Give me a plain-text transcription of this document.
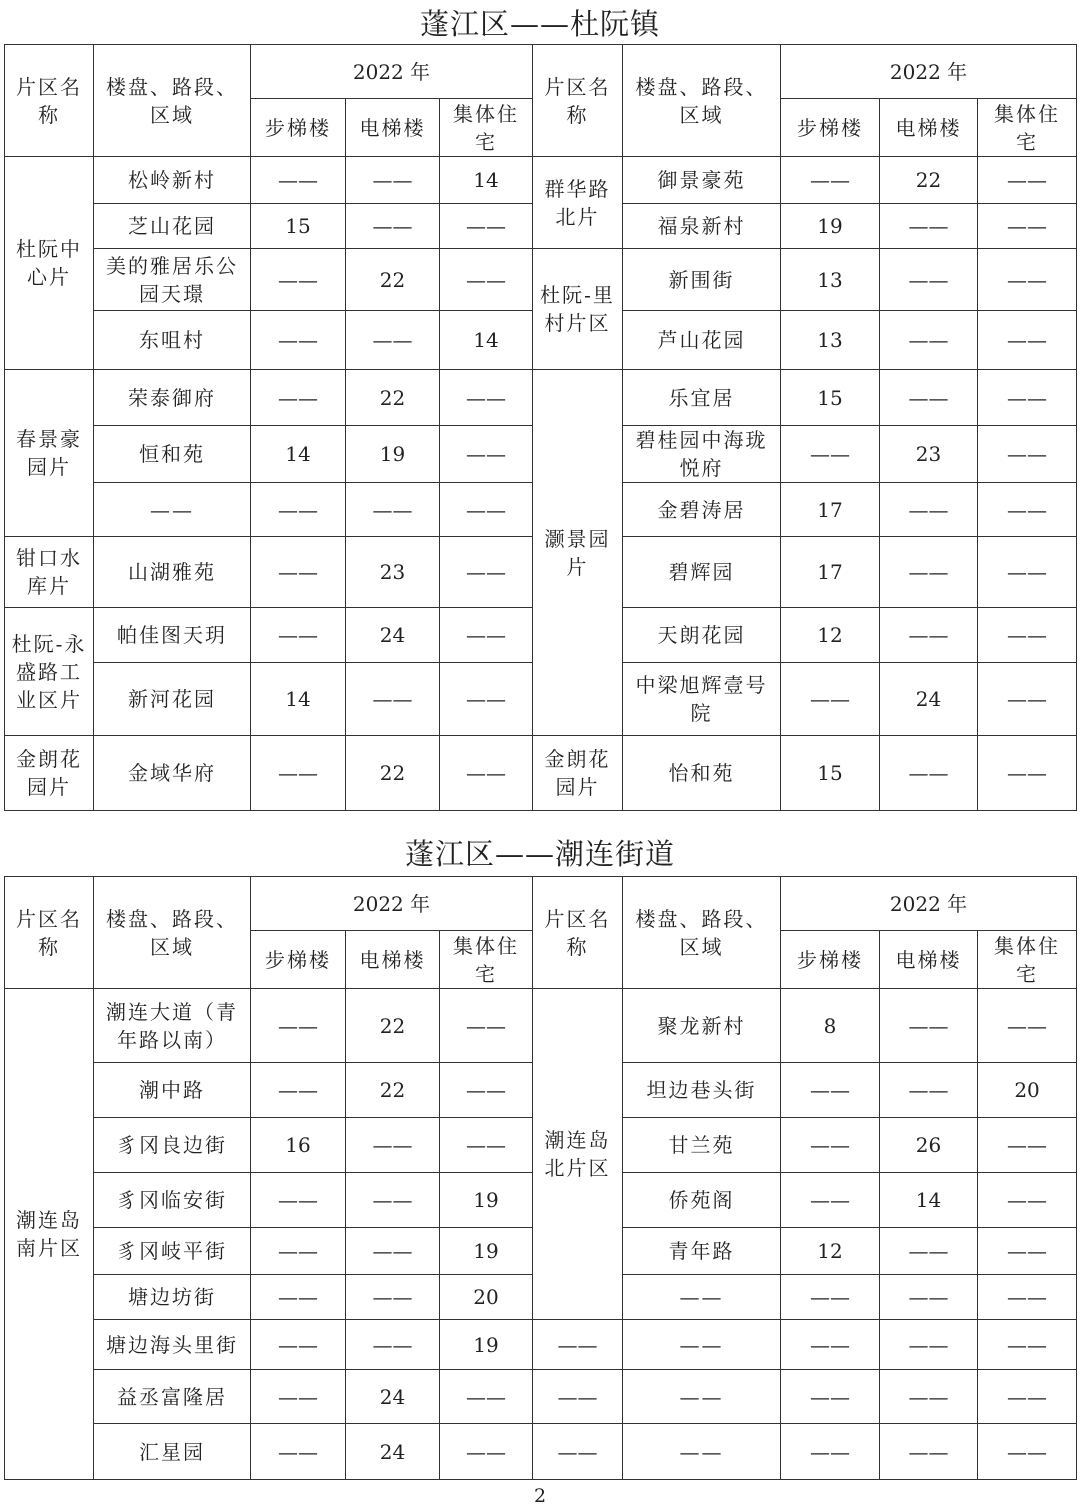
蓬江区——杜阮镇
片区名称	楼盘、路段、区域	2022 年			片区名称	楼盘、路段、区域	2022 年		
		步梯楼	电梯楼	集体住宅			步梯楼	电梯楼	集体住宅
杜阮中心片	松岭新村	——	——	14	群华路北片	御景豪苑	——	22	——
	芝山花园	15	——	——		福泉新村	19	——	——
	美的雅居乐公园天璟	——	22	——	杜阮-里村片区	新围街	13	——	——
	东咀村	——	——	14		芦山花园	13	——	——
春景豪园片	荣泰御府	——	22	——	灏景园片	乐宜居	15	——	——
	恒和苑	14	19	——		碧桂园中海珑悦府	——	23	——
	——	——	——	——		金碧涛居	17	——	——
钳口水库片	山湖雅苑	——	23	——		碧辉园	17	——	——
杜阮-永盛路工业区片	帕佳图天玥	——	24	——		天朗花园	12	——	——
	新河花园	14	——	——		中梁旭辉壹号院	——	24	——
金朗花园片	金域华府	——	22	——	金朗花园片	怡和苑	15	——	——
蓬江区——潮连街道
片区名称	楼盘、路段、区域	2022 年			片区名称	楼盘、路段、区域	2022 年		
		步梯楼	电梯楼	集体住宅			步梯楼	电梯楼	集体住宅
潮连岛南片区	潮连大道（青年路以南）	——	22	——	潮连岛北片区	聚龙新村	8	——	——
	潮中路	——	22	——		坦边巷头街	——	——	20
	豸冈良边街	16	——	——		甘兰苑	——	26	——
	豸冈临安街	——	——	19		侨苑阁	——	14	——
	豸冈岐平街	——	——	19		青年路	12	——	——
	塘边坊街	——	——	20		——	——	——	——
	塘边海头里街	——	——	19	——	——	——	——	——
	益丞富隆居	——	24	——	——	——	——	——	——
	汇星园	——	24	——	——	——	——	——	——
2
